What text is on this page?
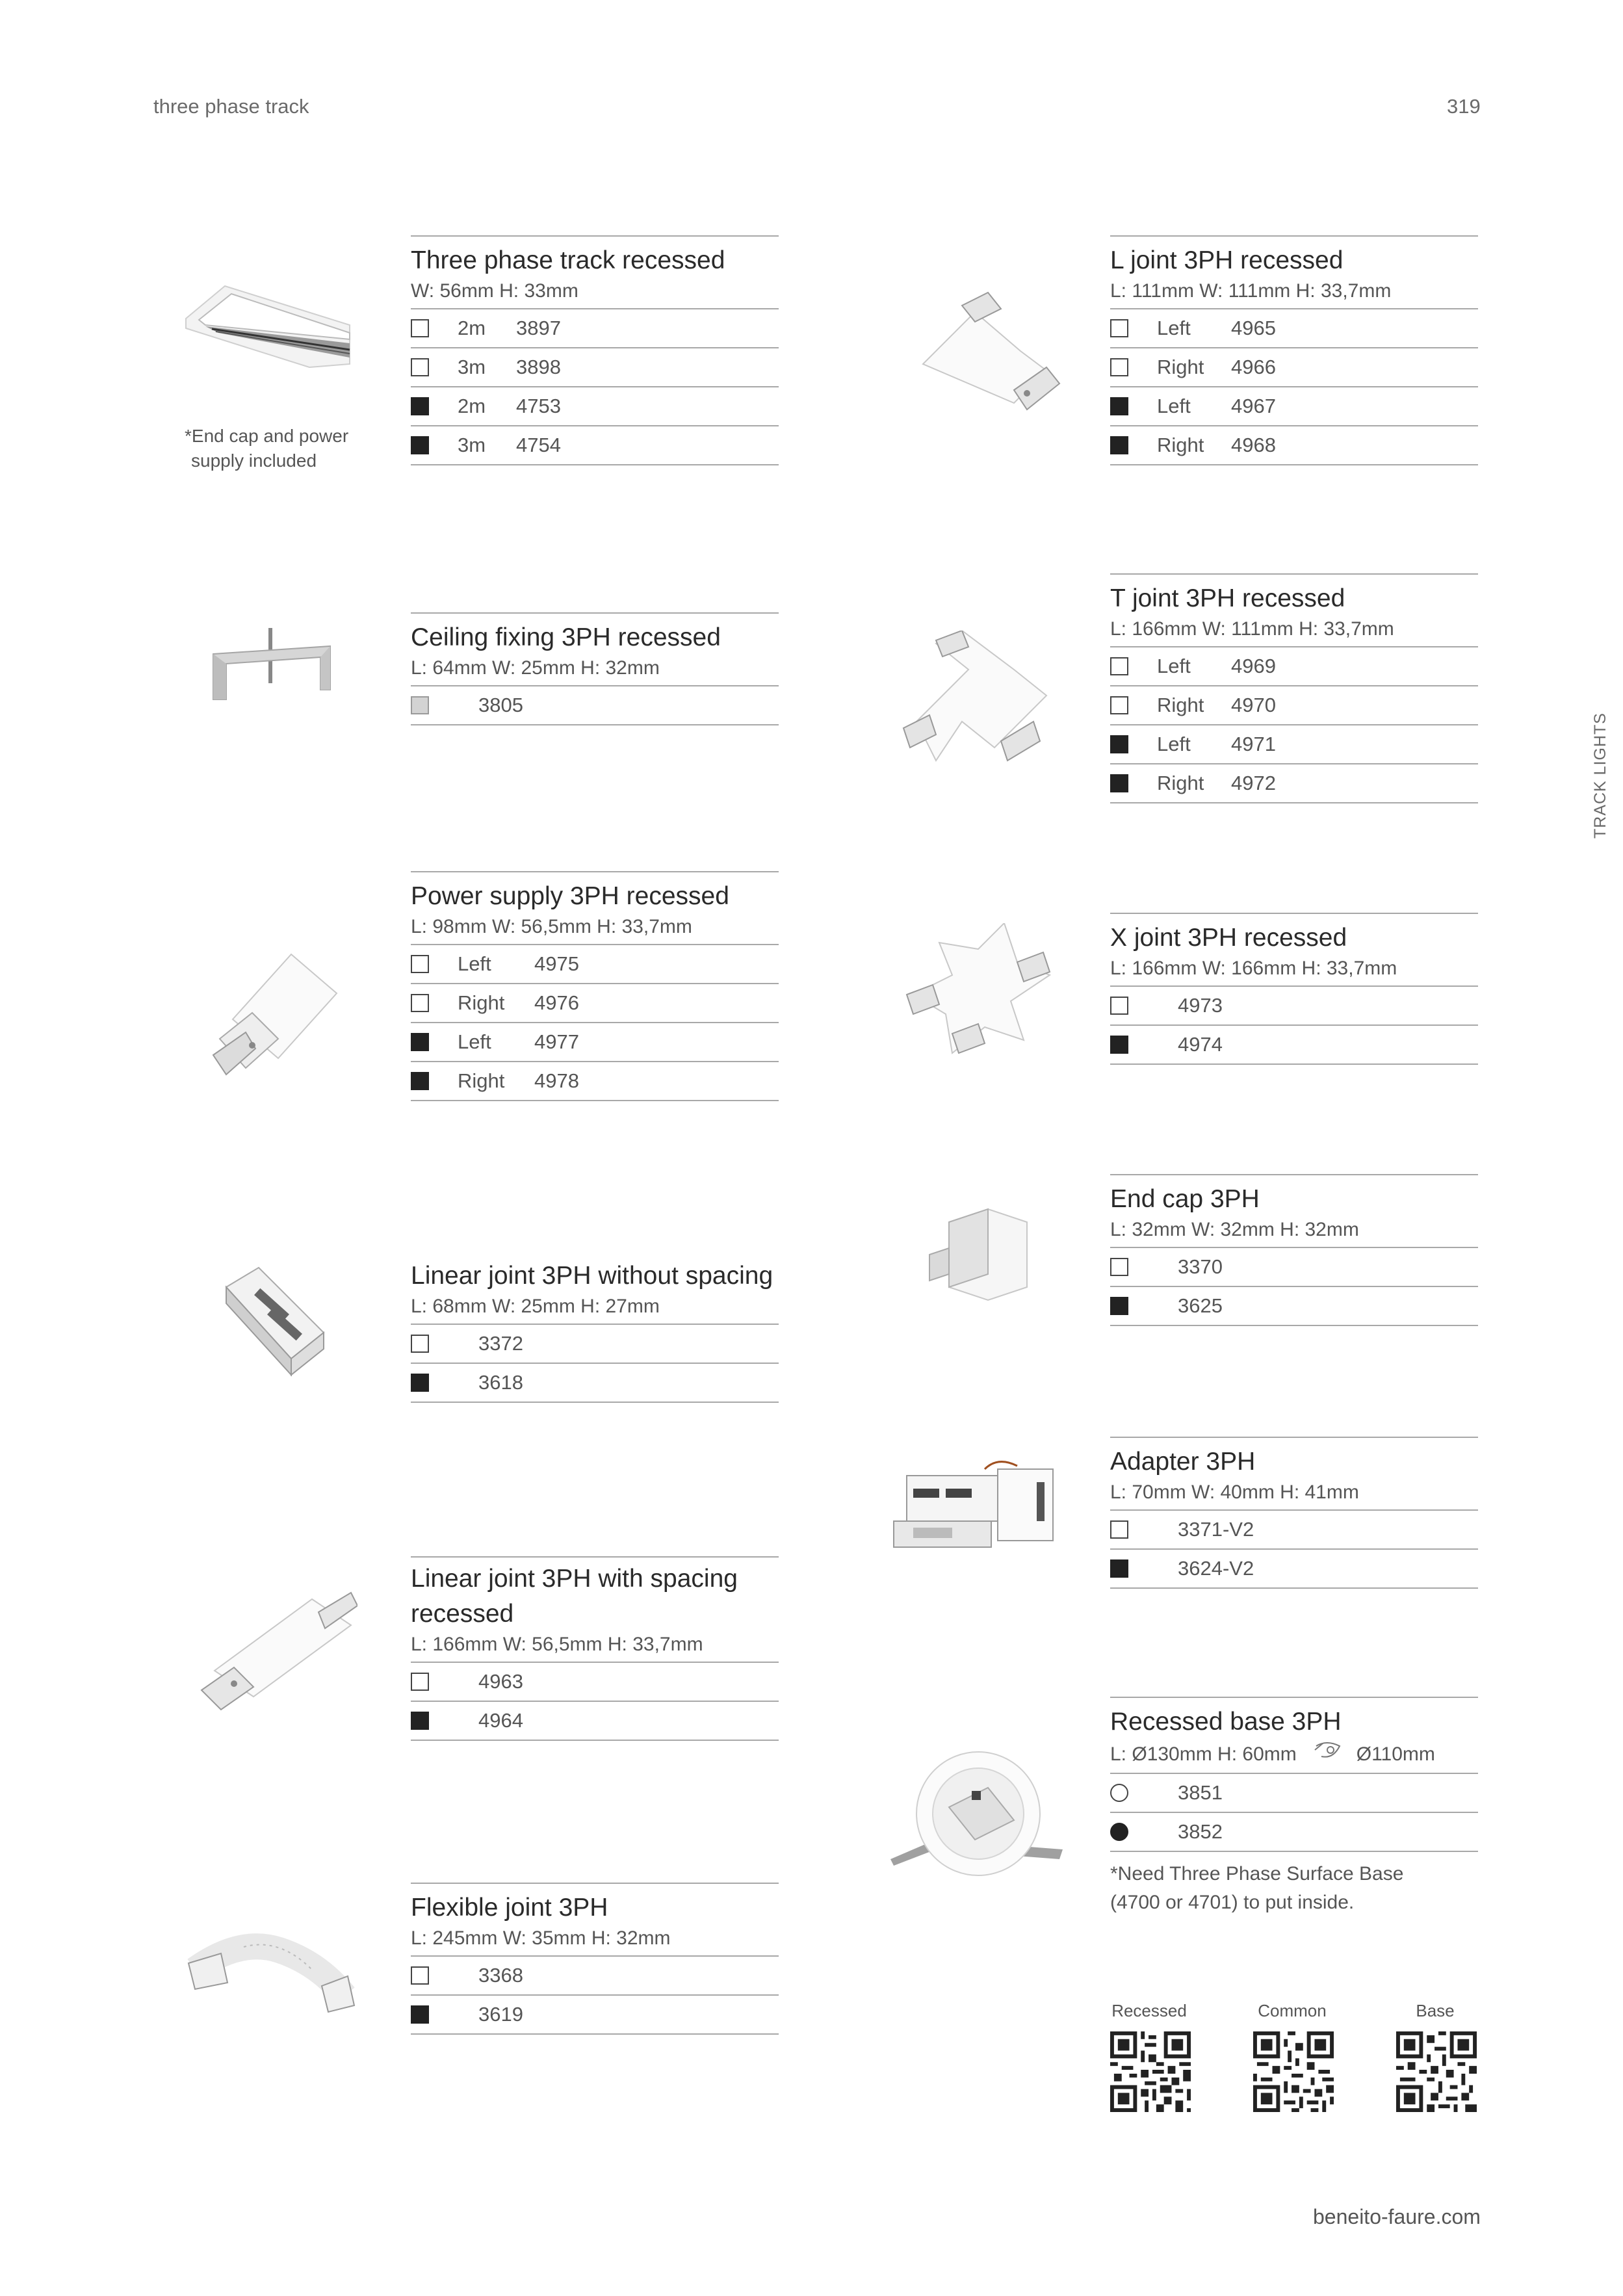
three phase track	319
TRACK LIGHTS
*End cap and power
supply included
Three phase track recessed
W: 56mm H: 33mm
2m	3897
3m	3898
2m	4753
3m	4754
Ceiling fixing 3PH recessed
L: 64mm W: 25mm H: 32mm
3805
Power supply 3PH recessed
L: 98mm W: 56,5mm H: 33,7mm
Left	4975
Right 4976
Left	4977
Right 4978
Linear joint 3PH without spacing
L: 68mm W: 25mm H: 27mm
3372
3618
Linear joint 3PH with spacing
recessed
L: 166mm W: 56,5mm H: 33,7mm
4963
4964
Flexible joint 3PH
L: 245mm W: 35mm H: 32mm
3368
3619
L joint 3PH recessed
L: 111mm W: 111mm H: 33,7mm
Left	4965
Right 4966
Left	4967
Right 4968
T joint 3PH recessed
L: 166mm W: 111mm H: 33,7mm
Left	4969
Right 4970
Left	4971
Right 4972
X joint 3PH recessed
L: 166mm W: 166mm H: 33,7mm
4973
4974
End cap 3PH
L: 32mm W: 32mm H: 32mm
3370
3625
Adapter 3PH
L: 70mm W: 40mm H: 41mm
3371-V2
3624-V2
Recessed base 3PH
L: Ø130mm H: 60mm	Ø110mm
3851
3852
*Need Three Phase Surface Base
(4700 or 4701) to put inside.
Recessed	Common	Base
beneito-faure.com
